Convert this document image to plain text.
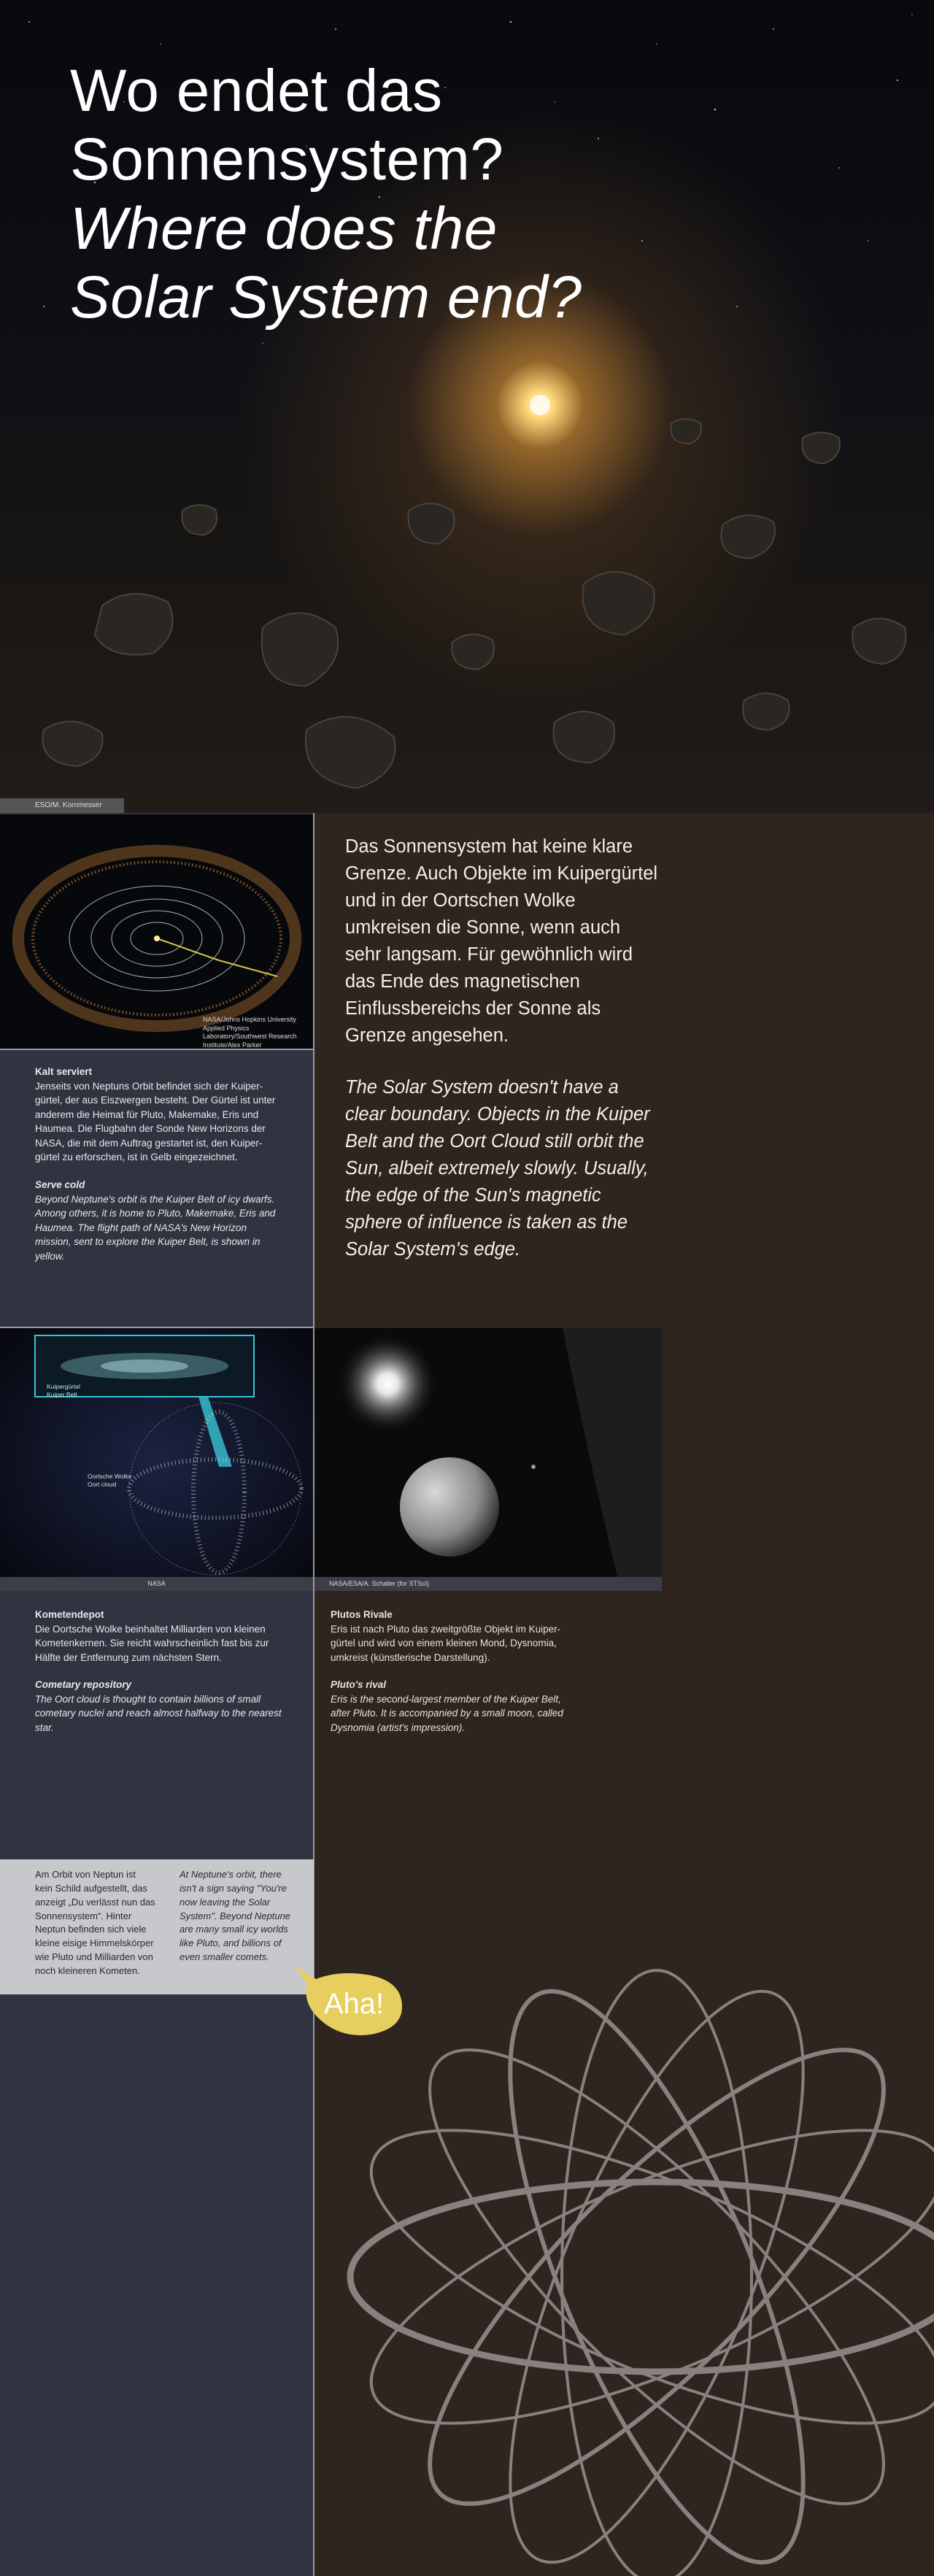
Wo endet das
Sonnensystem?
Where does the
Solar System end?
ESO/M. Kornmesser
NASA/Johns Hopkins University Applied Physics Laboratory/Southwest Research Institute/Alex Parker
Das Sonnensystem hat keine klare Grenze. Auch Objekte im Kuipergürtel und in der Oortschen Wolke umkreisen die Sonne, wenn auch sehr langsam. Für gewöhnlich wird das Ende des magnetischen Einflussbereichs der Sonne als Grenze angesehen.
The Solar System doesn't have a clear boundary. Objects in the Kuiper Belt and the Oort Cloud still orbit the Sun, albeit extremely slowly. Usually, the edge of the Sun's magnetic sphere of influence is taken as the Solar System's edge.
Kalt serviert
Jenseits von Neptuns Orbit befindet sich der Kuiper-gürtel, der aus Eiszwergen besteht. Der Gürtel ist unter anderem die Heimat für Pluto, Makemake, Eris und Haumea. Die Flugbahn der Sonde New Horizons der NASA, die mit dem Auftrag gestartet ist, den Kuiper-gürtel zu erforschen, ist in Gelb eingezeichnet.
Serve cold
Beyond Neptune's orbit is the Kuiper Belt of icy dwarfs. Among others, it is home to Pluto, Makemake, Eris and Haumea. The flight path of NASA's New Horizon mission, sent to explore the Kuiper Belt, is shown in yellow.
Kuipergürtel
Kuiper Belt
Oortsche Wolke
Oort cloud
NASA	NASA/ESA/A. Schaller (for STScI)
Kometendepot
Die Oortsche Wolke beinhaltet Milliarden von kleinen Kometenkernen. Sie reicht wahrscheinlich fast bis zur Hälfte der Entfernung zum nächsten Stern.
Cometary repository
The Oort cloud is thought to contain billions of small cometary nuclei and reach almost halfway to the nearest star.
Plutos Rivale
Eris ist nach Pluto das zweitgrößte Objekt im Kuiper-gürtel und wird von einem kleinen Mond, Dysnomia, umkreist (künstlerische Darstellung).
Pluto's rival
Eris is the second-largest member of the Kuiper Belt, after Pluto. It is accompanied by a small moon, called Dysnomia (artist's impression).
Am Orbit von Neptun ist kein Schild aufgestellt, das anzeigt „Du verlässt nun das Sonnensystem“. Hinter Neptun befinden sich viele kleine eisige Himmelskörper wie Pluto und Milliarden von noch kleineren Kometen.
At Neptune's orbit, there isn't a sign saying "You're now leaving the Solar System". Beyond Neptune are many small icy worlds like Pluto, and billions of even smaller comets.
Aha!
